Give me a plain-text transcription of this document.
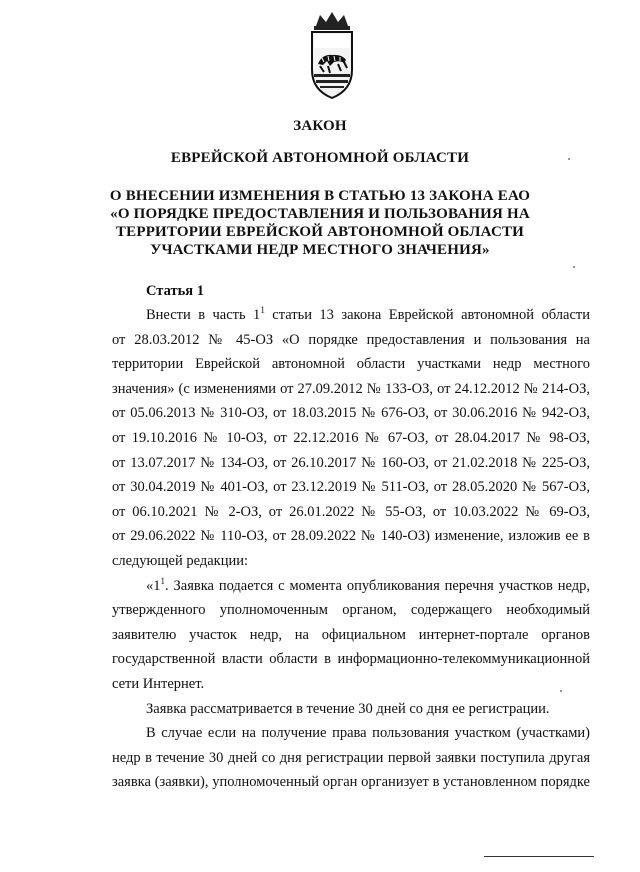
ЗАКОН
ЕВРЕЙСКОЙ АВТОНОМНОЙ ОБЛАСТИ
О ВНЕСЕНИИ ИЗМЕНЕНИЯ В СТАТЬЮ 13 ЗАКОНА ЕАО
«О ПОРЯДКЕ ПРЕДОСТАВЛЕНИЯ И ПОЛЬЗОВАНИЯ НА
ТЕРРИТОРИИ ЕВРЕЙСКОЙ АВТОНОМНОЙ ОБЛАСТИ
УЧАСТКАМИ НЕДР МЕСТНОГО ЗНАЧЕНИЯ»
Статья 1

Внести в часть $1^1$ статьи 13 закона Еврейской автономной области

от 28.03.2012 № 45-ОЗ «О порядке предоставления и пользования на

территории Еврейской автономной области участками недр местного

значения» (с изменениями от 27.09.2012 № 133-ОЗ, от 24.12.2012 № 214-ОЗ,

от 05.06.2013 № 310-ОЗ, от 18.03.2015 № 676-ОЗ, от 30.06.2016 № 942-ОЗ,

от 19.10.2016 № 10-ОЗ, от 22.12.2016 № 67-ОЗ, от 28.04.2017 № 98-ОЗ,

от 13.07.2017 № 134-ОЗ, от 26.10.2017 № 160-ОЗ, от 21.02.2018 № 225-ОЗ,

от 30.04.2019 № 401-ОЗ, от 23.12.2019 № 511-ОЗ, от 28.05.2020 № 567-ОЗ,

от 06.10.2021 № 2-ОЗ, от 26.01.2022 № 55-ОЗ, от 10.03.2022 № 69-ОЗ,

от 29.06.2022 № 110-ОЗ, от 28.09.2022 № 140-ОЗ) изменение, изложив ее в

следующей редакции:

«$1^1$. Заявка подается с момента опубликования перечня участков недр,

утвержденного уполномоченным органом, содержащего необходимый

заявителю участок недр, на официальном интернет-портале органов

государственной власти области в информационно-телекоммуникационной

сети Интернет.

Заявка рассматривается в течение 30 дней со дня ее регистрации.

В случае если на получение права пользования участком (участками)

недр в течение 30 дней со дня регистрации первой заявки поступила другая

заявка (заявки), уполномоченный орган организует в установленном порядке
